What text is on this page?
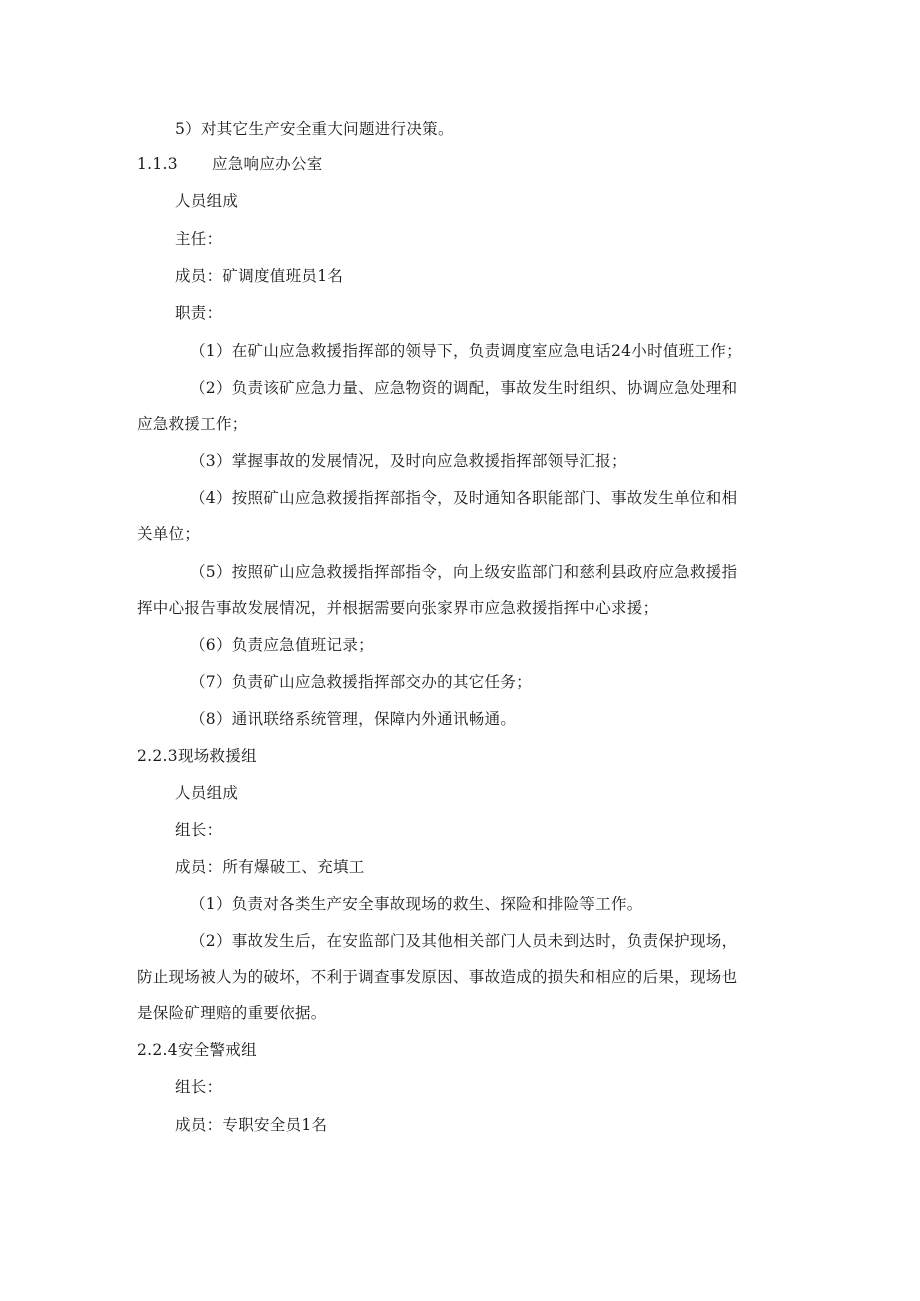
5）对其它生产安全重大问题进行决策。
1.1.3 应急响应办公室
人员组成
主任：
成员：矿调度值班员1名
职责：
（1）在矿山应急救援指挥部的领导下，负责调度室应急电话24小时值班工作；
（2）负责该矿应急力量、应急物资的调配，事故发生时组织、协调应急处理和
应急救援工作；
（3）掌握事故的发展情况，及时向应急救援指挥部领导汇报；
（4）按照矿山应急救援指挥部指令，及时通知各职能部门、事故发生单位和相
关单位；
（5）按照矿山应急救援指挥部指令，向上级安监部门和慈利县政府应急救援指
挥中心报告事故发展情况，并根据需要向张家界市应急救援指挥中心求援；
（6）负责应急值班记录；
（7）负责矿山应急救援指挥部交办的其它任务；
（8）通讯联络系统管理，保障内外通讯畅通。
2.2.3现场救援组
人员组成
组长：
成员：所有爆破工、充填工
（1）负责对各类生产安全事故现场的救生、探险和排险等工作。
（2）事故发生后，在安监部门及其他相关部门人员未到达时，负责保护现场，
防止现场被人为的破坏，不利于调查事发原因、事故造成的损失和相应的后果，现场也
是保险矿理赔的重要依据。
2.2.4安全警戒组
组长：
成员：专职安全员1名
